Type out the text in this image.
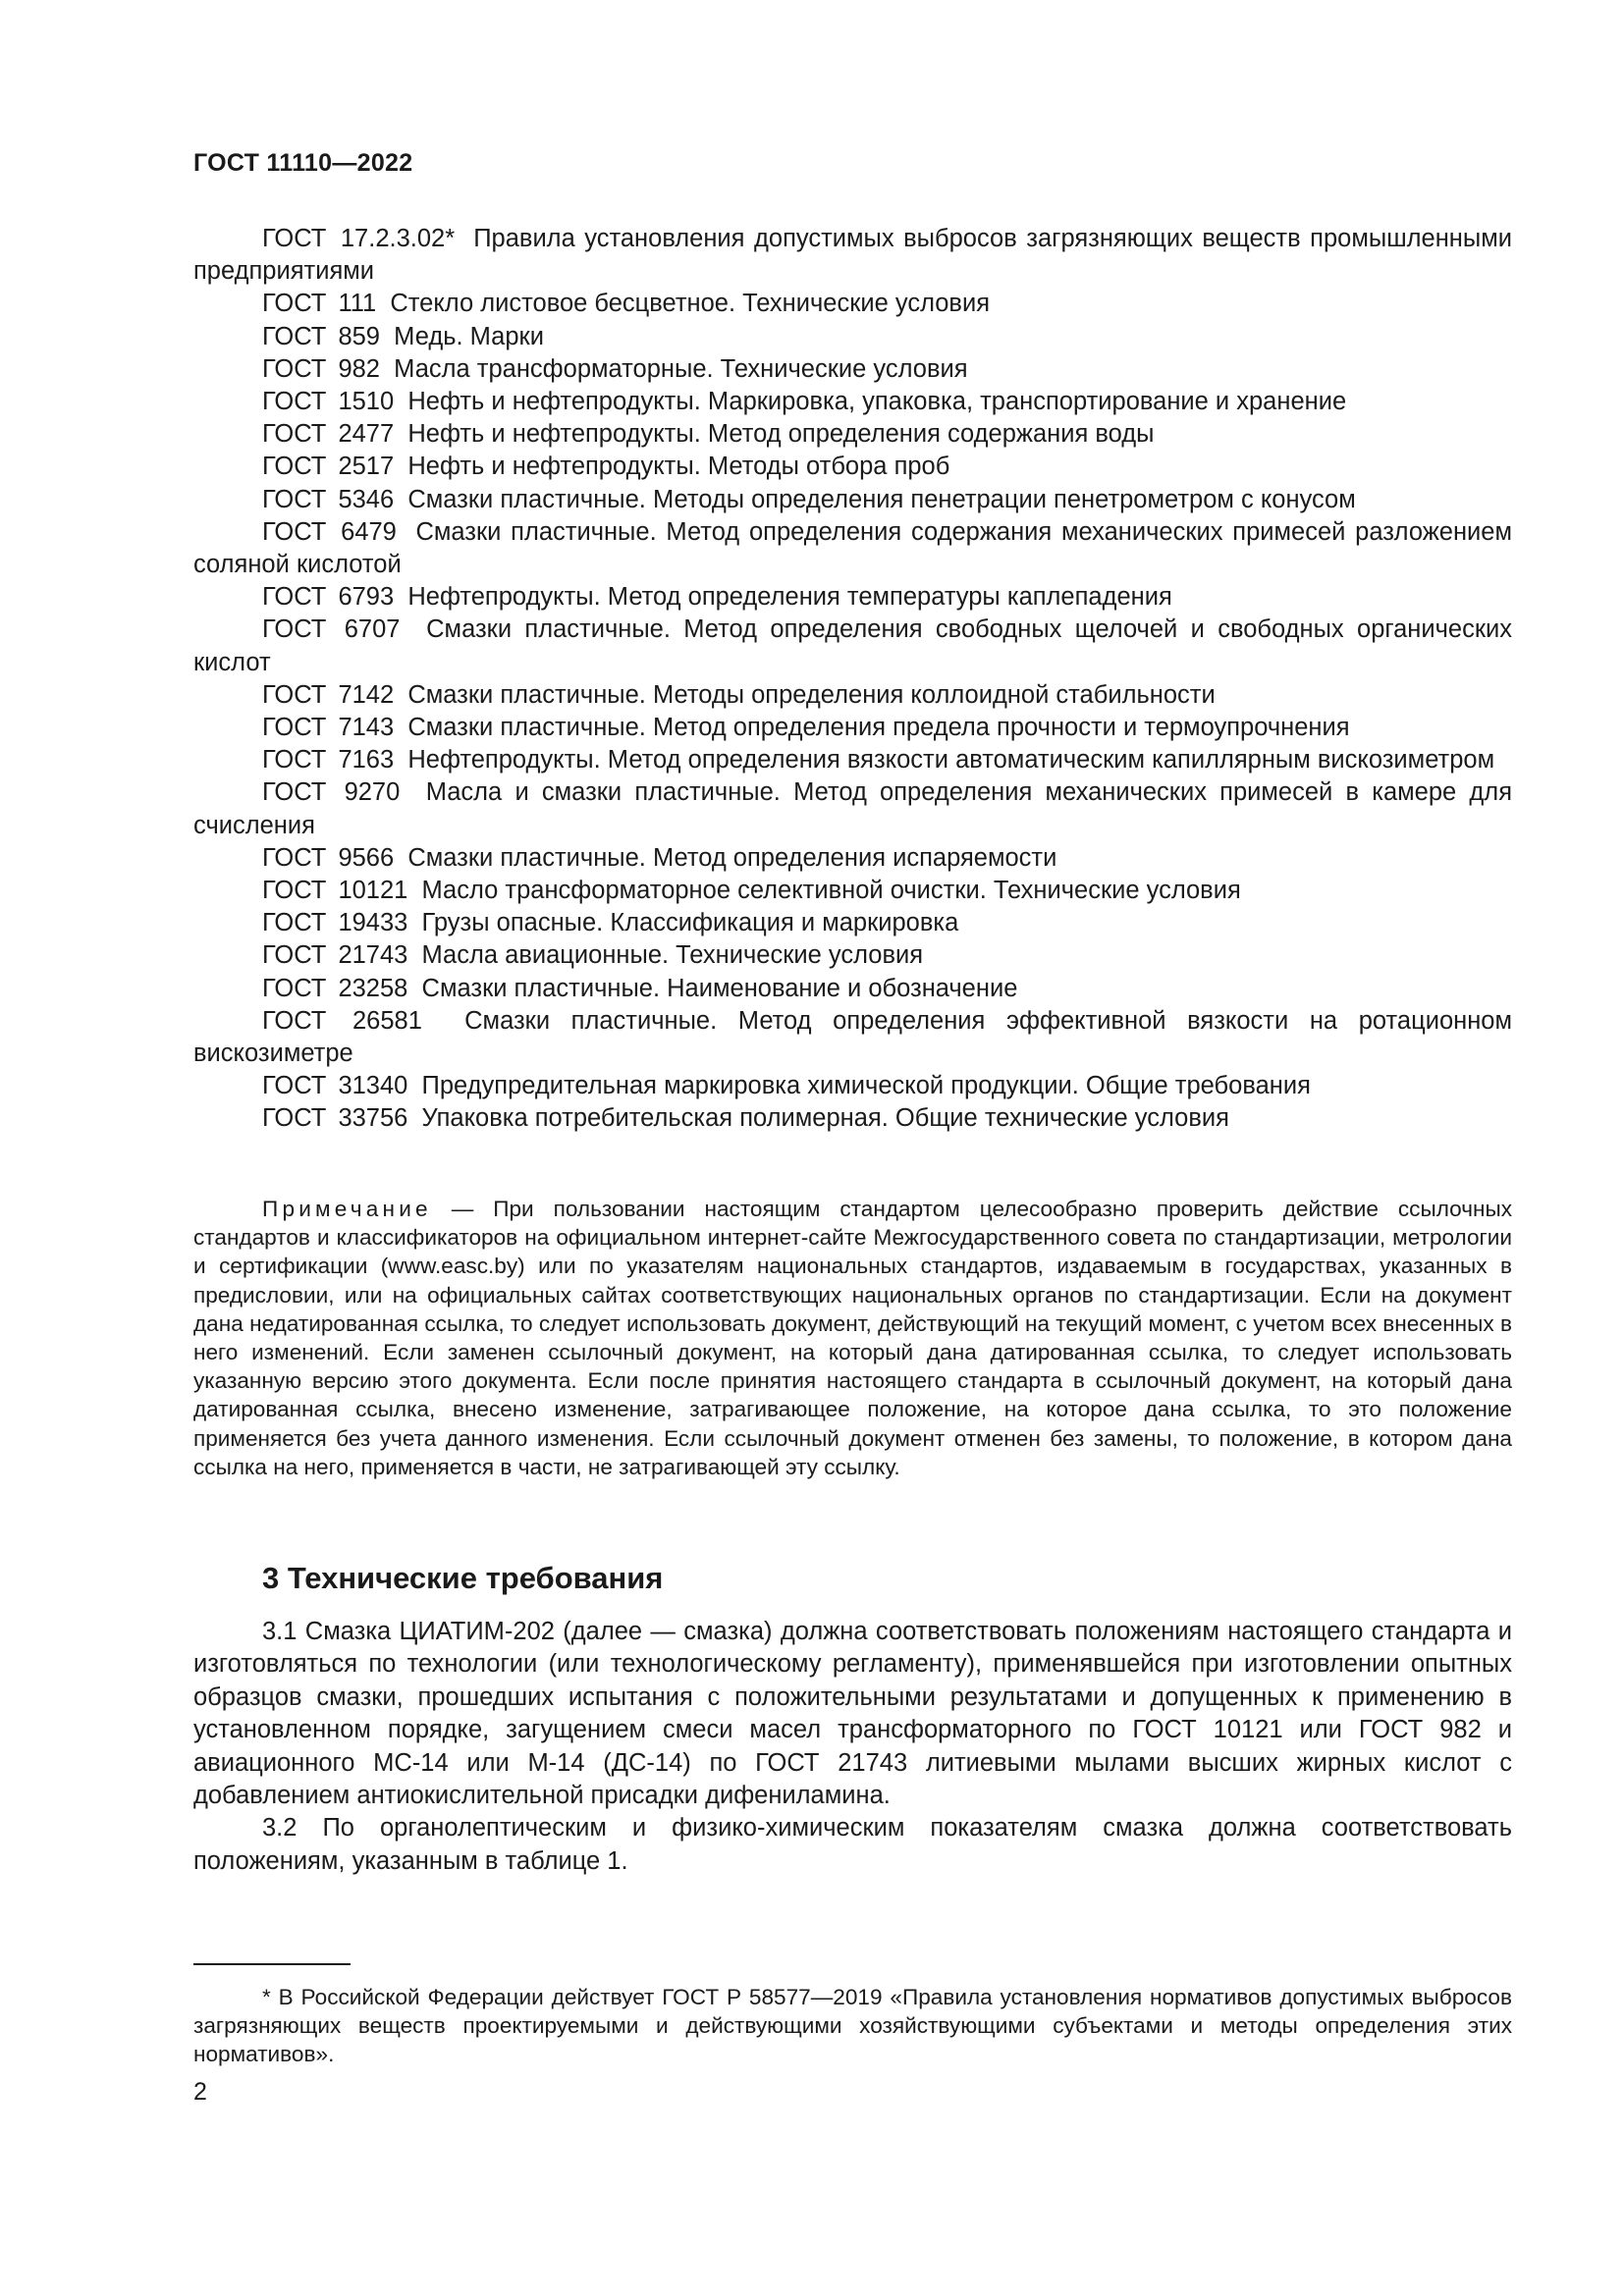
ГОСТ 11110—2022
ГОСТ 17.2.3.02* Правила установления допустимых выбросов загрязняющих веществ промышленными предприятиями
ГОСТ 111 Стекло листовое бесцветное. Технические условия
ГОСТ 859 Медь. Марки
ГОСТ 982 Масла трансформаторные. Технические условия
ГОСТ 1510 Нефть и нефтепродукты. Маркировка, упаковка, транспортирование и хранение
ГОСТ 2477 Нефть и нефтепродукты. Метод определения содержания воды
ГОСТ 2517 Нефть и нефтепродукты. Методы отбора проб
ГОСТ 5346 Смазки пластичные. Методы определения пенетрации пенетрометром с конусом
ГОСТ 6479 Смазки пластичные. Метод определения содержания механических примесей разложением соляной кислотой
ГОСТ 6793 Нефтепродукты. Метод определения температуры каплепадения
ГОСТ 6707 Смазки пластичные. Метод определения свободных щелочей и свободных органических кислот
ГОСТ 7142 Смазки пластичные. Методы определения коллоидной стабильности
ГОСТ 7143 Смазки пластичные. Метод определения предела прочности и термоупрочнения
ГОСТ 7163 Нефтепродукты. Метод определения вязкости автоматическим капиллярным вискозиметром
ГОСТ 9270 Масла и смазки пластичные. Метод определения механических примесей в камере для счисления
ГОСТ 9566 Смазки пластичные. Метод определения испаряемости
ГОСТ 10121 Масло трансформаторное селективной очистки. Технические условия
ГОСТ 19433 Грузы опасные. Классификация и маркировка
ГОСТ 21743 Масла авиационные. Технические условия
ГОСТ 23258 Смазки пластичные. Наименование и обозначение
ГОСТ 26581 Смазки пластичные. Метод определения эффективной вязкости на ротационном вискозиметре
ГОСТ 31340 Предупредительная маркировка химической продукции. Общие требования
ГОСТ 33756 Упаковка потребительская полимерная. Общие технические условия
Примечание — При пользовании настоящим стандартом целесообразно проверить действие ссылочных стандартов и классификаторов на официальном интернет-сайте Межгосударственного совета по стандартизации, метрологии и сертификации (www.easc.by) или по указателям национальных стандартов, издаваемым в государствах, указанных в предисловии, или на официальных сайтах соответствующих национальных органов по стандартизации. Если на документ дана недатированная ссылка, то следует использовать документ, действующий на текущий момент, с учетом всех внесенных в него изменений. Если заменен ссылочный документ, на который дана датированная ссылка, то следует использовать указанную версию этого документа. Если после принятия настоящего стандарта в ссылочный документ, на который дана датированная ссылка, внесено изменение, затрагивающее положение, на которое дана ссылка, то это положение применяется без учета данного изменения. Если ссылочный документ отменен без замены, то положение, в котором дана ссылка на него, применяется в части, не затрагивающей эту ссылку.
3 Технические требования

3.1 Смазка ЦИАТИМ-202 (далее — смазка) должна соответствовать положениям настоящего стандарта и изготовляться по технологии (или технологическому регламенту), применявшейся при изготовлении опытных образцов смазки, прошедших испытания с положительными результатами и допущенных к применению в установленном порядке, загущением смеси масел трансформаторного по ГОСТ 10121 или ГОСТ 982 и авиационного МС-14 или М-14 (ДС-14) по ГОСТ 21743 литиевыми мылами высших жирных кислот с добавлением антиокислительной присадки дифениламина.

3.2 По органолептическим и физико-химическим показателям смазка должна соответствовать положениям, указанным в таблице 1.

* В Российской Федерации действует ГОСТ Р 58577—2019 «Правила установления нормативов допустимых выбросов загрязняющих веществ проектируемыми и действующими хозяйствующими субъектами и методы определения этих нормативов».
2
